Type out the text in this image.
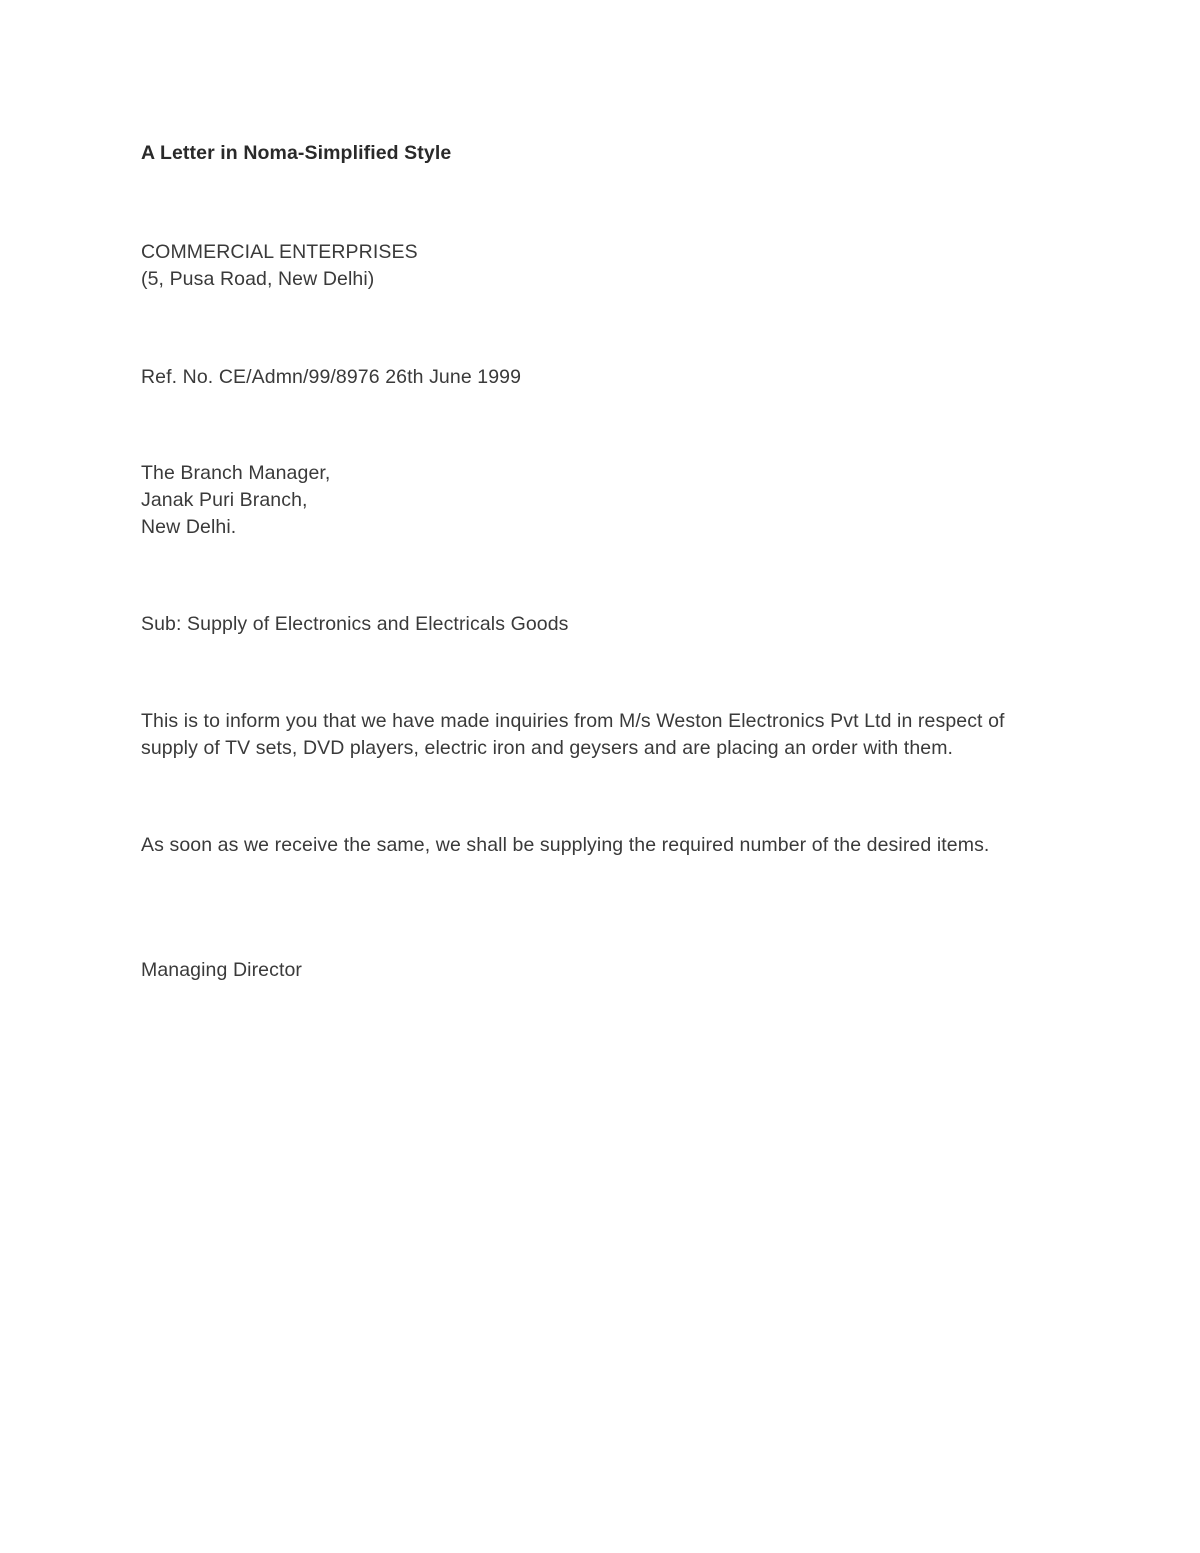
A Letter in Noma-Simplified Style
COMMERCIAL ENTERPRISES
(5, Pusa Road, New Delhi)
Ref. No. CE/Admn/99/8976 26th June 1999
The Branch Manager,
Janak Puri Branch,
New Delhi.
Sub: Supply of Electronics and Electricals Goods
This is to inform you that we have made inquiries from M/s Weston Electronics Pvt Ltd in respect of supply of TV sets, DVD players, electric iron and geysers and are placing an order with them.
As soon as we receive the same, we shall be supplying the required number of the desired items.
Managing Director
